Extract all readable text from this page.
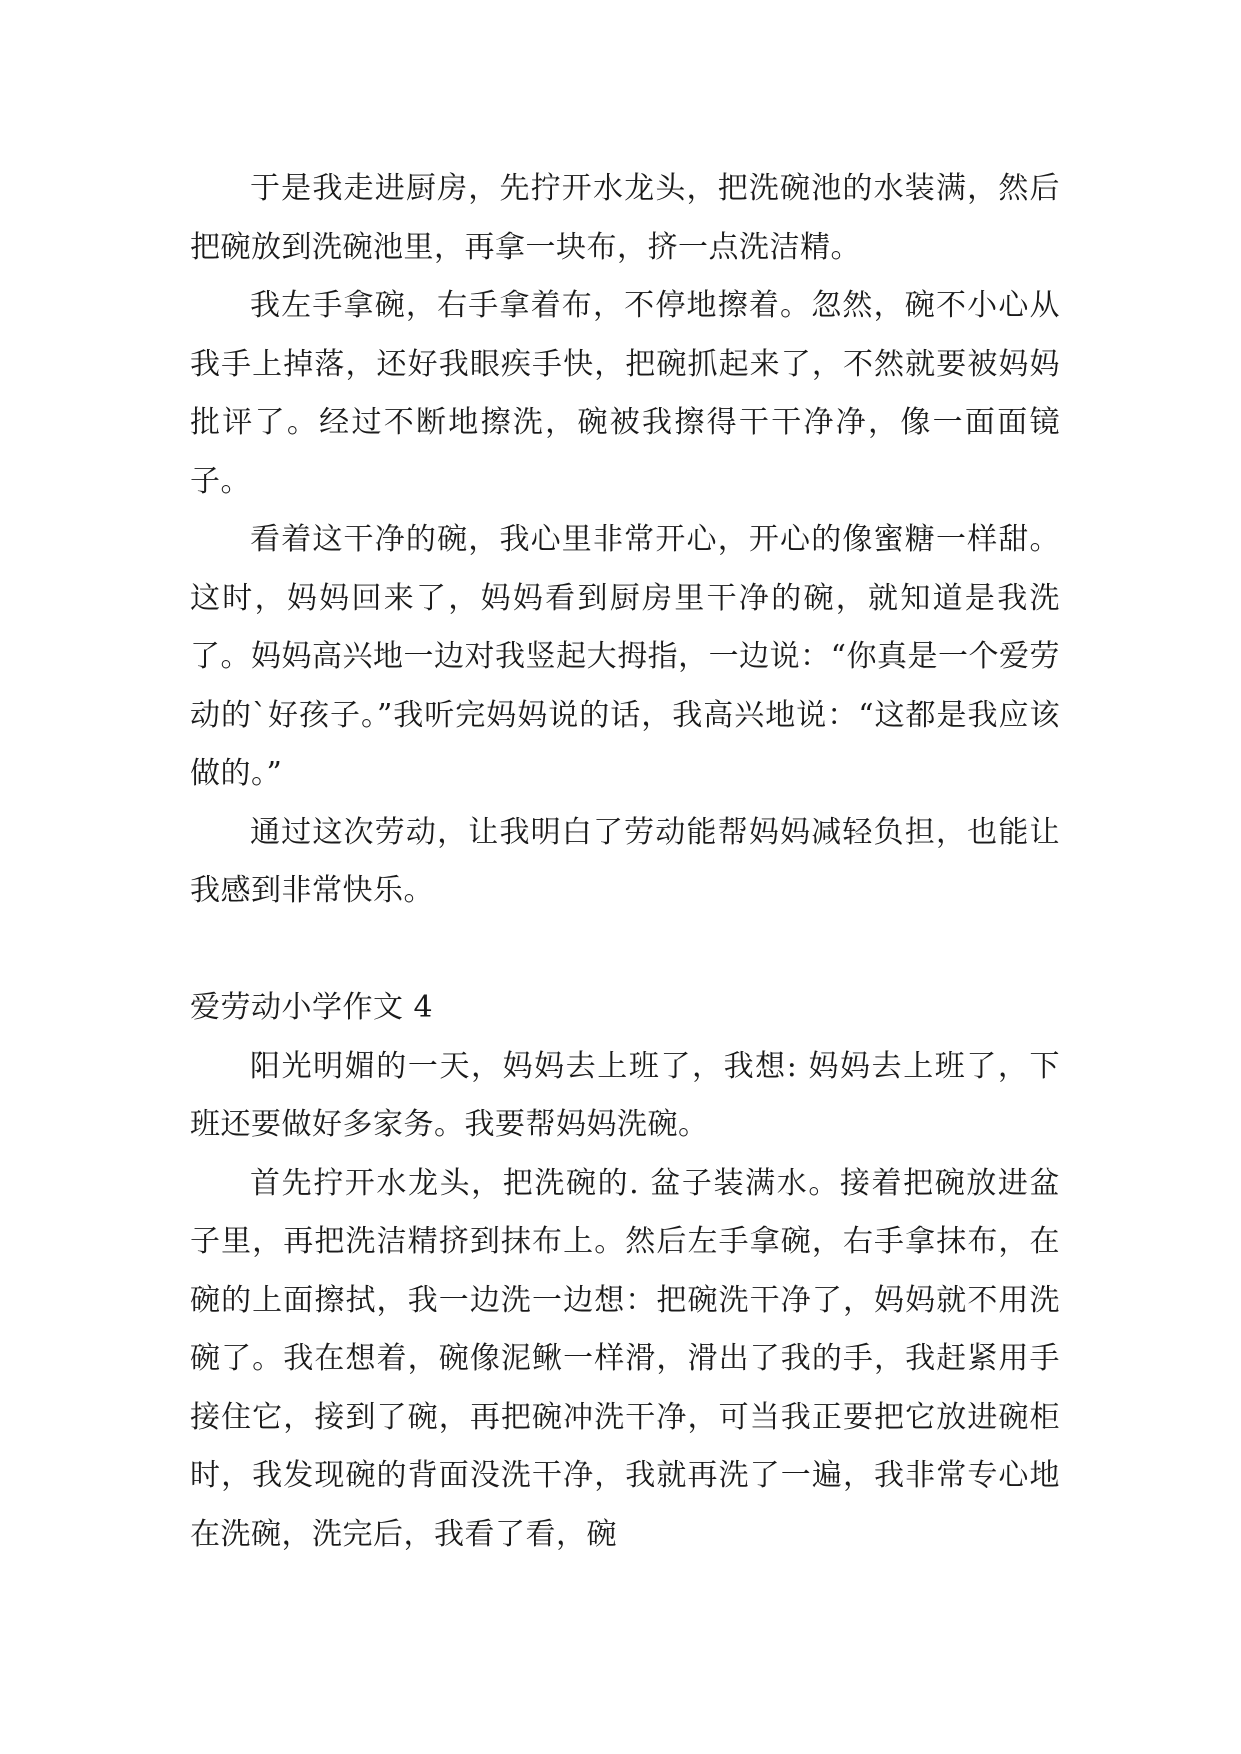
于是我走进厨房，先拧开水龙头，把洗碗池的水装满，然后把碗放到洗碗池里，再拿一块布，挤一点洗洁精。

我左手拿碗，右手拿着布，不停地擦着。忽然，碗不小心从我手上掉落，还好我眼疾手快，把碗抓起来了，不然就要被妈妈批评了。经过不断地擦洗，碗被我擦得干干净净，像一面面镜子。

看着这干净的碗，我心里非常开心，开心的像蜜糖一样甜。这时，妈妈回来了，妈妈看到厨房里干净的碗，就知道是我洗了。妈妈高兴地一边对我竖起大拇指，一边说：“你真是一个爱劳动的`好孩子。”我听完妈妈说的话，我高兴地说：“这都是我应该做的。”

通过这次劳动，让我明白了劳动能帮妈妈减轻负担，也能让我感到非常快乐。

爱劳动小学作文 4

阳光明媚的一天，妈妈去上班了，我想: 妈妈去上班了，下班还要做好多家务。我要帮妈妈洗碗。

首先拧开水龙头，把洗碗的. 盆子装满水。接着把碗放进盆子里，再把洗洁精挤到抹布上。然后左手拿碗，右手拿抹布，在碗的上面擦拭，我一边洗一边想：把碗洗干净了，妈妈就不用洗碗了。我在想着，碗像泥鳅一样滑，滑出了我的手，我赶紧用手接住它，接到了碗，再把碗冲洗干净，可当我正要把它放进碗柜时，我发现碗的背面没洗干净，我就再洗了一遍，我非常专心地在洗碗，洗完后，我看了看，碗
